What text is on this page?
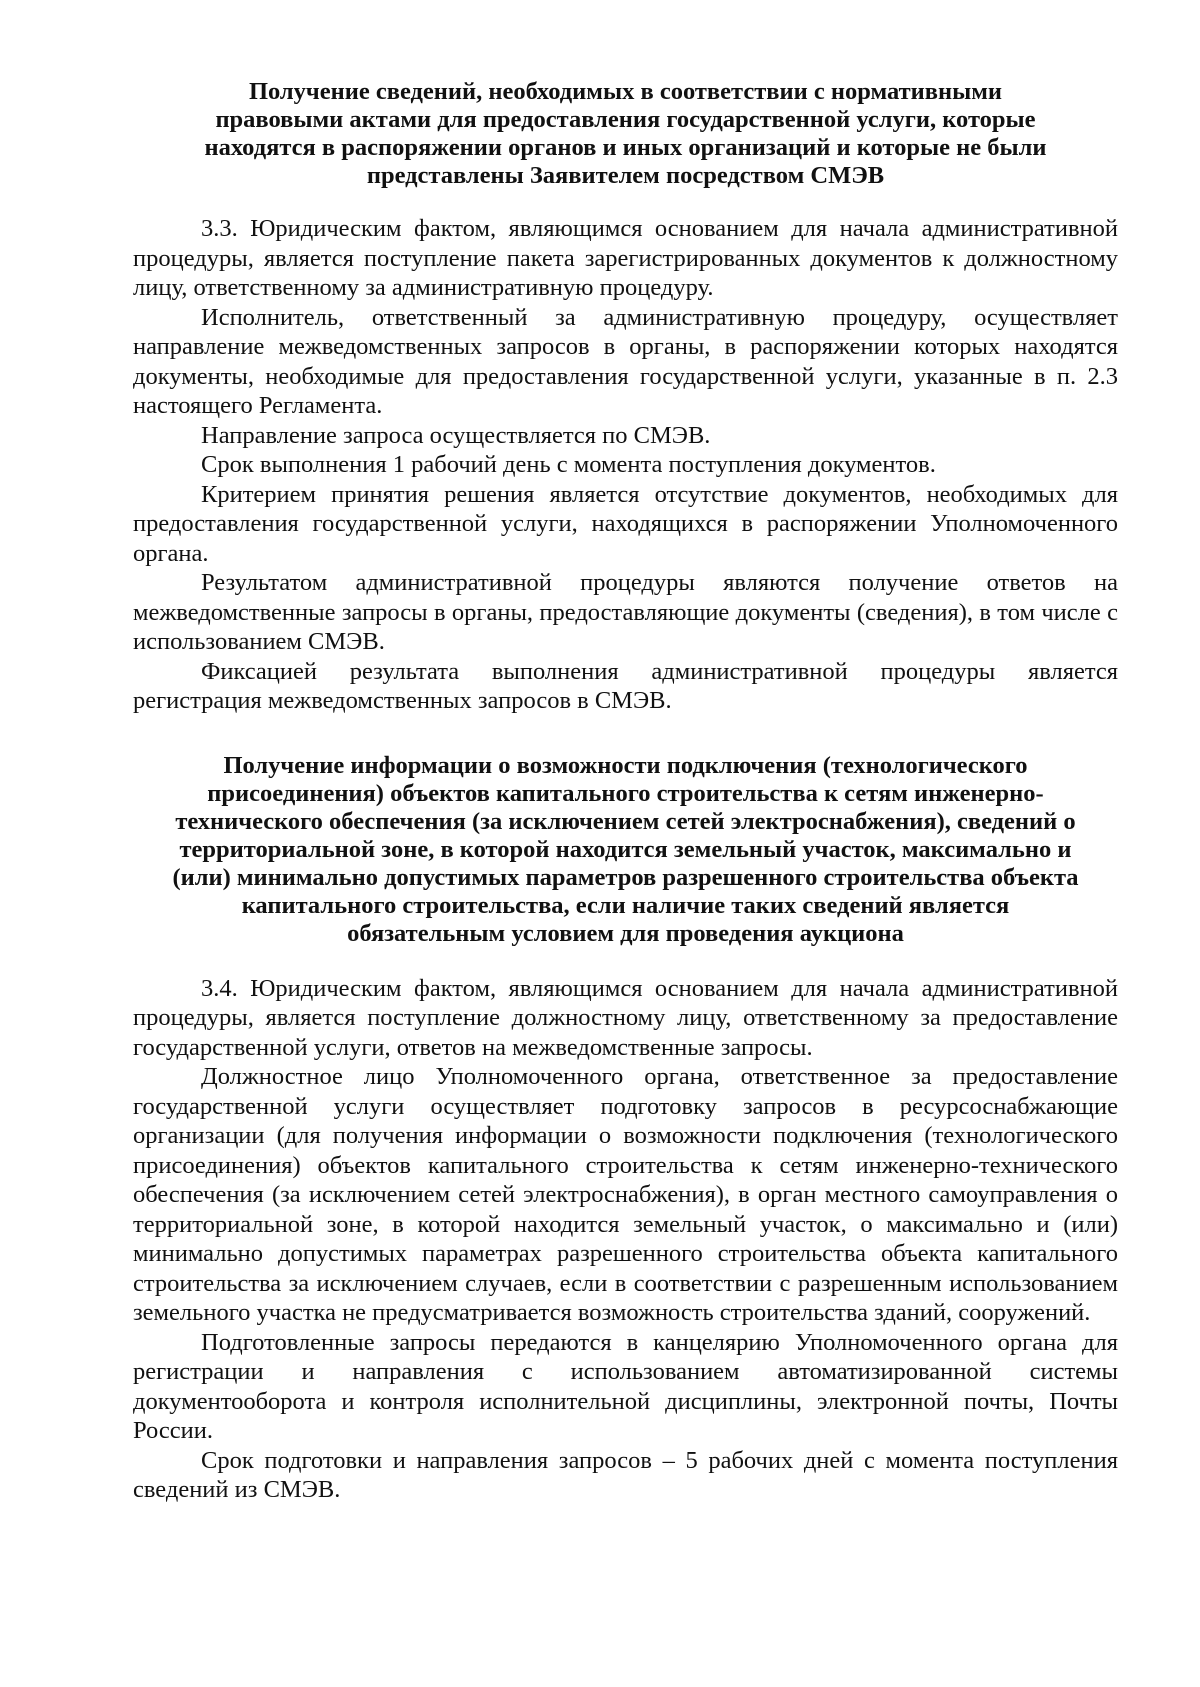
Получение сведений, необходимых в соответствии с нормативными
правовыми актами для предоставления государственной услуги, которые
находятся в распоряжении органов и иных организаций и которые не были
представлены Заявителем посредством СМЭВ

3.3. Юридическим фактом, являющимся основанием для начала административной процедуры, является поступление пакета зарегистрированных документов к должностному лицу, ответственному за административную процедуру.

Исполнитель, ответственный за административную процедуру, осуществляет направление межведомственных запросов в органы, в распоряжении которых находятся документы, необходимые для предоставления государственной услуги, указанные в п. 2.3 настоящего Регламента.

Направление запроса осуществляется по СМЭВ.

Срок выполнения 1 рабочий день с момента поступления документов.

Критерием принятия решения является отсутствие документов, необходимых для предоставления государственной услуги, находящихся в распоряжении Уполномоченного органа.

Результатом административной процедуры являются получение ответов на межведомственные запросы в органы, предоставляющие документы (сведения), в том числе с использованием СМЭВ.

Фиксацией результата выполнения административной процедуры является регистрация межведомственных запросов в СМЭВ.

Получение информации о возможности подключения (технологического
присоединения) объектов капитального строительства к сетям инженерно-
технического обеспечения (за исключением сетей электроснабжения), сведений о
территориальной зоне, в которой находится земельный участок, максимально и
(или) минимально допустимых параметров разрешенного строительства объекта
капитального строительства, если наличие таких сведений является
обязательным условием для проведения аукциона

3.4. Юридическим фактом, являющимся основанием для начала административной процедуры, является поступление должностному лицу, ответственному за предоставление государственной услуги, ответов на межведомственные запросы.

Должностное лицо Уполномоченного органа, ответственное за предоставление государственной услуги осуществляет подготовку запросов в ресурсоснабжающие организации (для получения информации о возможности подключения (технологического присоединения) объектов капитального строительства к сетям инженерно-технического обеспечения (за исключением сетей электроснабжения), в орган местного самоуправления о территориальной зоне, в которой находится земельный участок, о максимально и (или) минимально допустимых параметрах разрешенного строительства объекта капитального строительства за исключением случаев, если в соответствии с разрешенным использованием земельного участка не предусматривается возможность строительства зданий, сооружений.

Подготовленные запросы передаются в канцелярию Уполномоченного органа для регистрации и направления с использованием автоматизированной системы документооборота и контроля исполнительной дисциплины, электронной почты, Почты России.

Срок подготовки и направления запросов – 5 рабочих дней с момента поступления сведений из СМЭВ.
